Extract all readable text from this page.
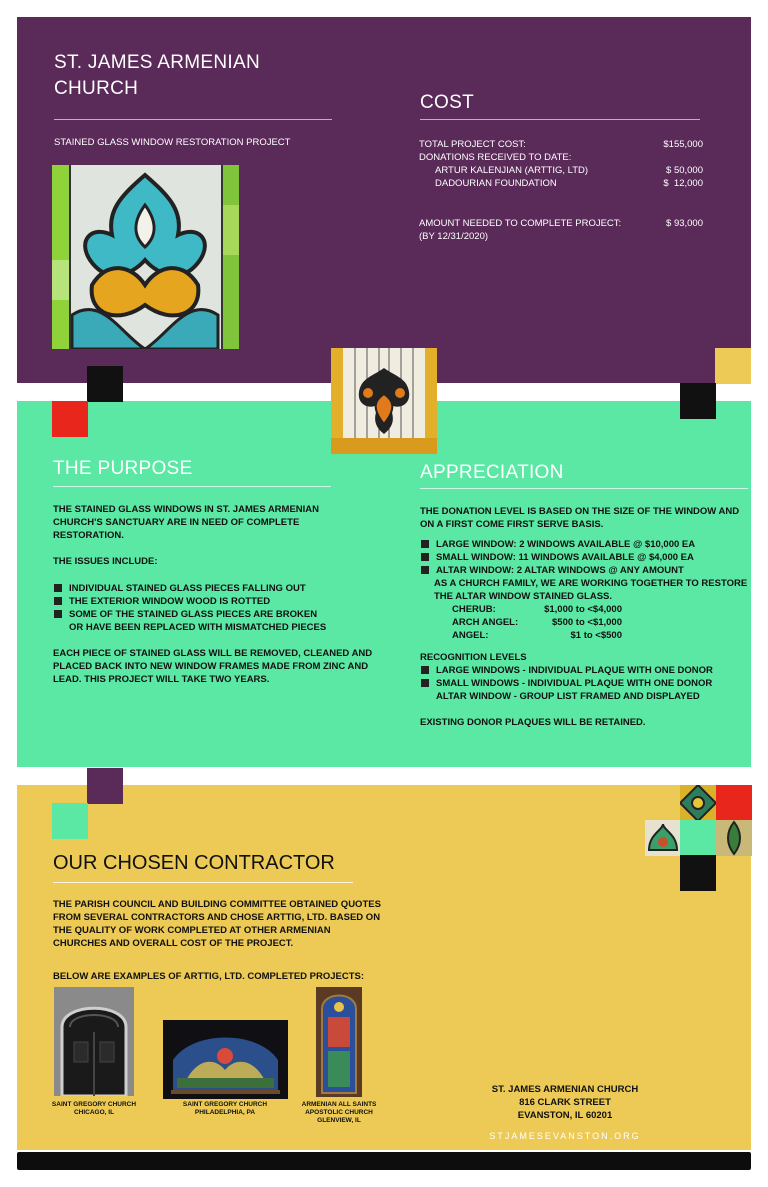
ST. JAMES ARMENIAN
CHURCH
STAINED GLASS WINDOW RESTORATION PROJECT
COST
TOTAL PROJECT COST:	$155,000
DONATIONS RECEIVED TO DATE:
ARTUR KALENJIAN (ARTTIG, LTD)	$ 50,000
DADOURIAN FOUNDATION	$  12,000
AMOUNT NEEDED TO COMPLETE PROJECT:	$ 93,000
(BY 12/31/2020)
THE PURPOSE
THE STAINED GLASS WINDOWS IN ST. JAMES ARMENIAN CHURCH'S SANCTUARY ARE IN NEED OF COMPLETE RESTORATION.
THE ISSUES INCLUDE:
INDIVIDUAL STAINED GLASS PIECES FALLING OUT
THE EXTERIOR WINDOW WOOD IS ROTTED
SOME OF THE STAINED GLASS PIECES ARE BROKEN OR HAVE BEEN REPLACED WITH MISMATCHED PIECES
EACH PIECE OF STAINED GLASS WILL BE REMOVED, CLEANED AND PLACED BACK INTO NEW WINDOW FRAMES MADE FROM ZINC AND LEAD. THIS PROJECT WILL TAKE TWO YEARS.
APPRECIATION
THE DONATION LEVEL IS BASED ON THE SIZE OF THE WINDOW AND ON A FIRST COME FIRST SERVE BASIS.
LARGE WINDOW: 2 WINDOWS AVAILABLE @ $10,000 EA
SMALL WINDOW: 11 WINDOWS AVAILABLE @ $4,000 EA
ALTAR WINDOW: 2 ALTAR WINDOWS @ ANY AMOUNT
AS A CHURCH FAMILY, WE ARE WORKING TOGETHER TO RESTORE THE ALTAR WINDOW STAINED GLASS.
CHERUB:	$1,000 to <$4,000
ARCH ANGEL:	$500 to <$1,000
ANGEL:	$1 to <$500
RECOGNITION LEVELS
LARGE WINDOWS - INDIVIDUAL PLAQUE WITH ONE DONOR
SMALL WINDOWS - INDIVIDUAL PLAQUE WITH ONE DONOR
ALTAR WINDOW - GROUP LIST FRAMED AND DISPLAYED
EXISTING DONOR PLAQUES WILL BE RETAINED.
OUR CHOSEN CONTRACTOR
THE PARISH COUNCIL AND BUILDING COMMITTEE OBTAINED QUOTES FROM SEVERAL CONTRACTORS AND CHOSE ARTTIG, LTD. BASED ON THE QUALITY OF WORK COMPLETED AT OTHER ARMENIAN CHURCHES AND OVERALL COST OF THE PROJECT.
BELOW ARE EXAMPLES OF ARTTIG, LTD. COMPLETED PROJECTS:
SAINT GREGORY CHURCH
CHICAGO, IL
SAINT GREGORY CHURCH
PHILADELPHIA, PA
ARMENIAN ALL SAINTS
APOSTOLIC CHURCH
GLENVIEW, IL
ST. JAMES ARMENIAN CHURCH
816 CLARK STREET
EVANSTON, IL 60201
STJAMESEVANSTON.ORG
